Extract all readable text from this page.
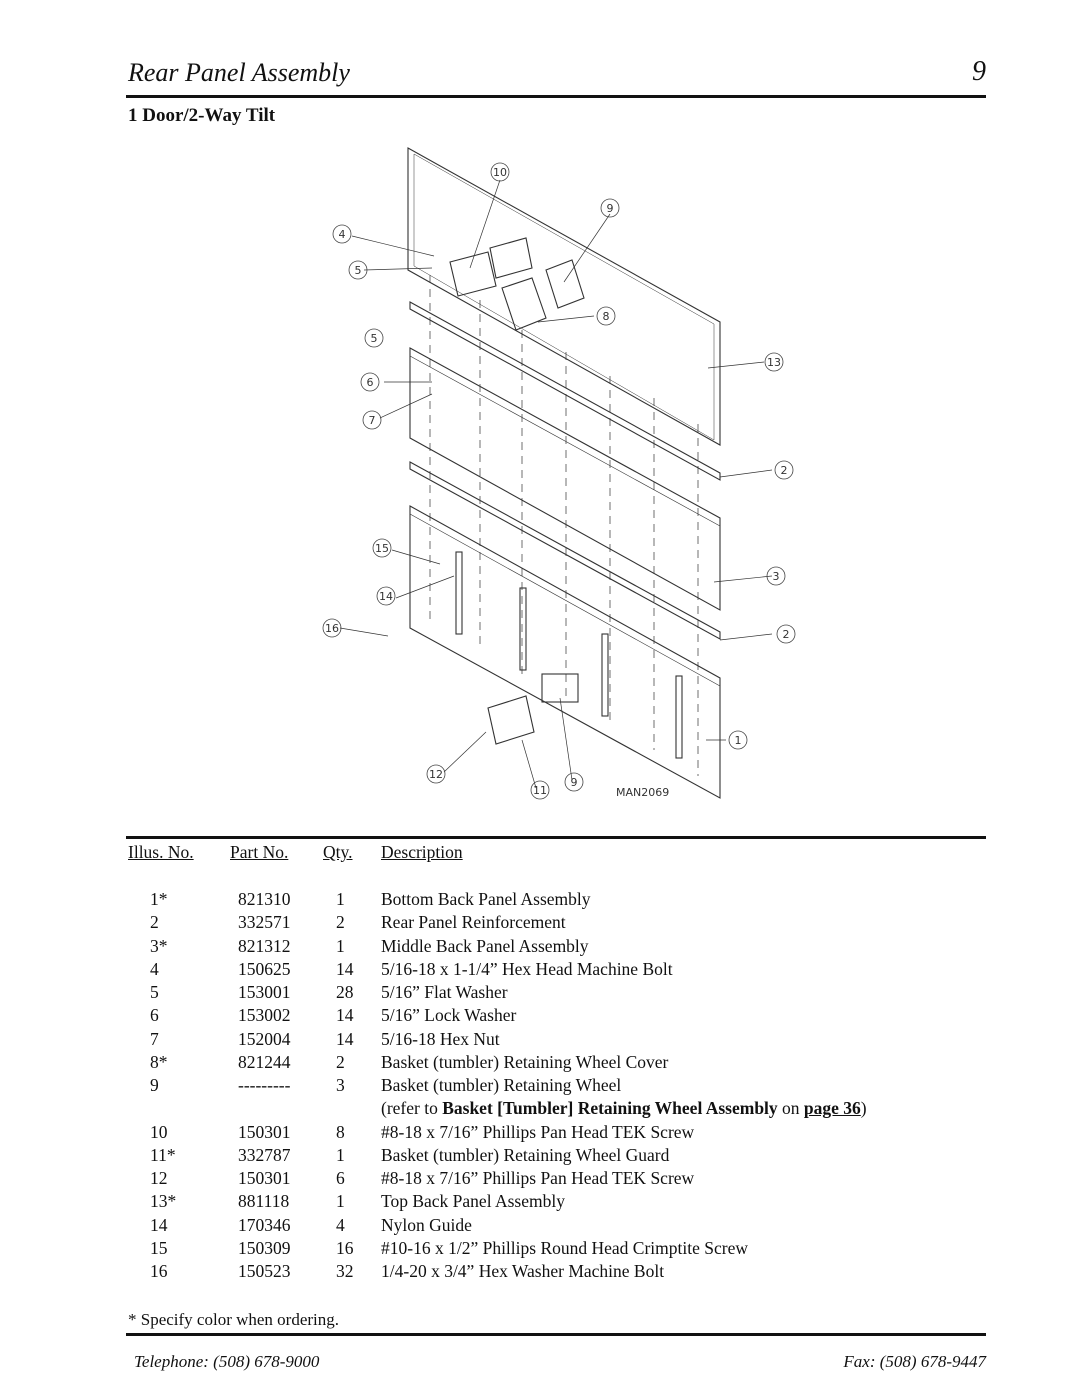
Rear Panel Assembly	9
1 Door/2-Way Tilt
10
9
4
5
8
5
13
6
7
2
15
3
14
16	2
1
12
11
9
MAN2069
Illus. No. Part No. Qty. Description
1*	821310	1 Bottom Back Panel Assembly
2	332571	2 Rear Panel Reinforcement
3*	821312	1 Middle Back Panel Assembly
4	150625	14 5/16-18 x 1-1/4” Hex Head Machine Bolt
5	153001	28 5/16” Flat Washer
6	153002	14 5/16” Lock Washer
7	152004	14 5/16-18 Hex Nut
8*	821244	2 Basket (tumbler) Retaining Wheel Cover
9	---------	3 Basket (tumbler) Retaining Wheel
(refer to Basket [Tumbler] Retaining Wheel Assembly on page 36)
10	150301	8 #8-18 x 7/16” Phillips Pan Head TEK Screw
11*	332787	1 Basket (tumbler) Retaining Wheel Guard
12	150301	6 #8-18 x 7/16” Phillips Pan Head TEK Screw
13*	881118	1 Top Back Panel Assembly
14	170346	4 Nylon Guide
15	150309	16 #10-16 x 1/2” Phillips Round Head Crimptite Screw
16	150523	32 1/4-20 x 3/4” Hex Washer Machine Bolt
* Specify color when ordering.
Telephone: (508) 678-9000	Fax: (508) 678-9447
